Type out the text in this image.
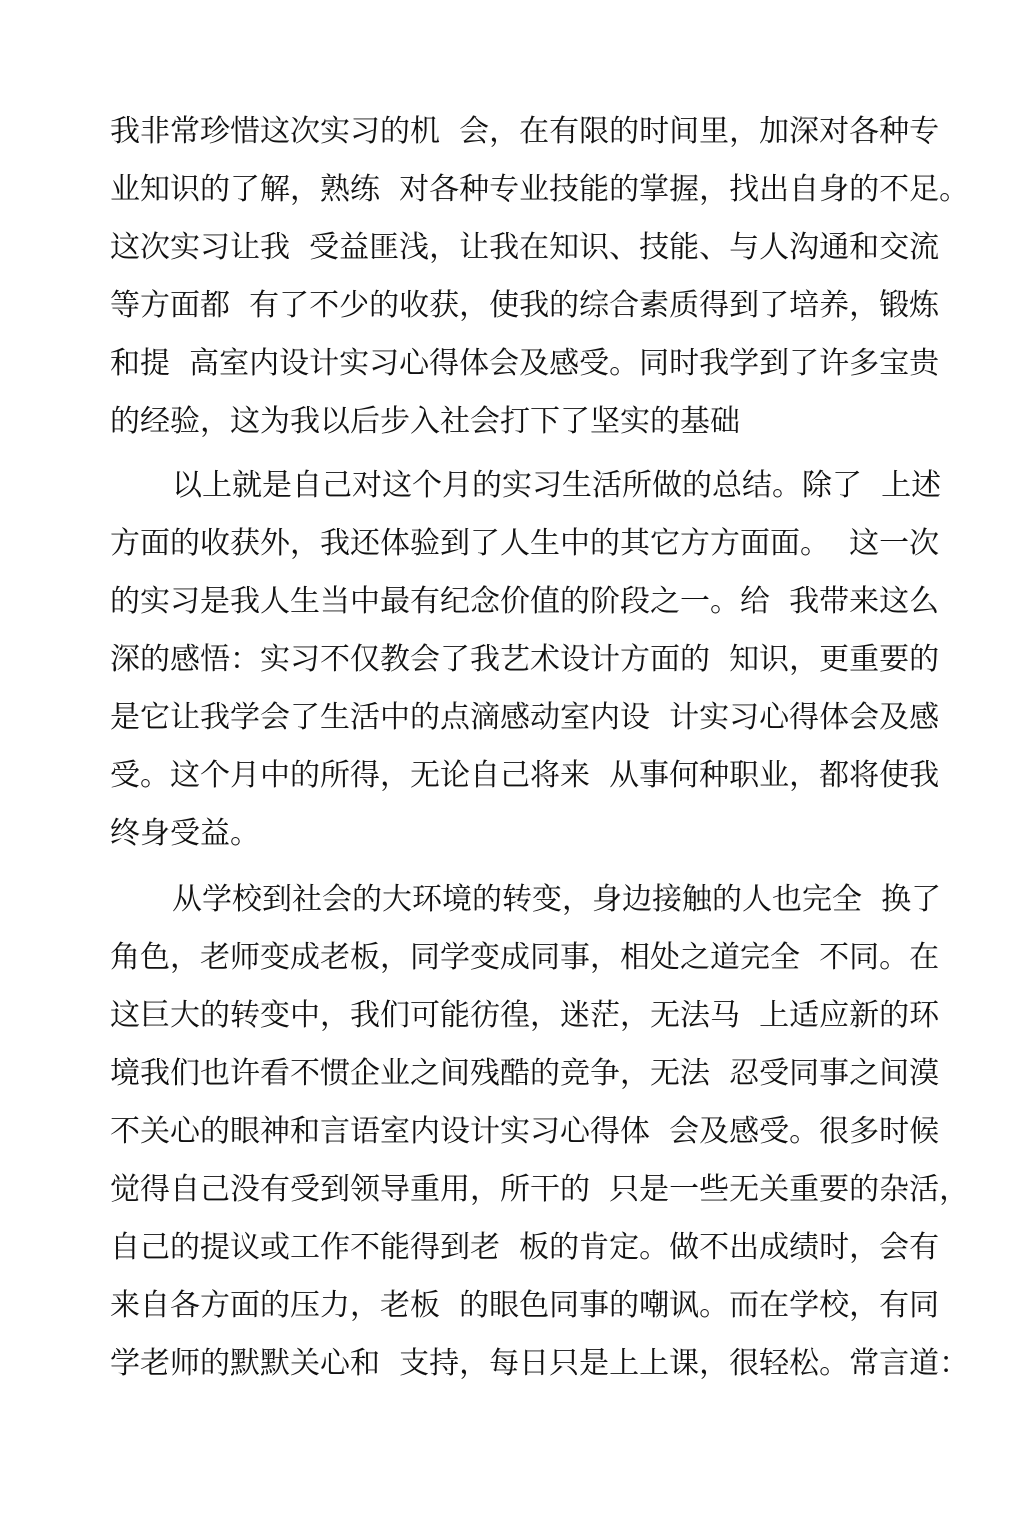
我非常珍惜这次实习的机  会，在有限的时间里，加深对各种专
业知识的了解，熟练  对各种专业技能的掌握，找出自身的不足。
这次实习让我  受益匪浅，让我在知识、技能、与人沟通和交流
等方面都  有了不少的收获，使我的综合素质得到了培养，锻炼
和提  高室内设计实习心得体会及感受。同时我学到了许多宝贵
的经验，这为我以后步入社会打下了坚实的基础
以上就是自己对这个月的实习生活所做的总结。除了  上述
方面的收获外，我还体验到了人生中的其它方方面面。  这一次
的实习是我人生当中最有纪念价值的阶段之一。给  我带来这么
深的感悟：实习不仅教会了我艺术设计方面的  知识，更重要的
是它让我学会了生活中的点滴感动室内设  计实习心得体会及感
受。这个月中的所得，无论自己将来  从事何种职业，都将使我
终身受益。
从学校到社会的大环境的转变，身边接触的人也完全  换了
角色，老师变成老板，同学变成同事，相处之道完全  不同。在
这巨大的转变中，我们可能彷徨，迷茫，无法马  上适应新的环
境我们也许看不惯企业之间残酷的竞争，无法  忍受同事之间漠
不关心的眼神和言语室内设计实习心得体  会及感受。很多时候
觉得自己没有受到领导重用，所干的  只是一些无关重要的杂活，
自己的提议或工作不能得到老  板的肯定。做不出成绩时，会有
来自各方面的压力，老板  的眼色同事的嘲讽。而在学校，有同
学老师的默默关心和  支持，每日只是上上课，很轻松。常言道：
